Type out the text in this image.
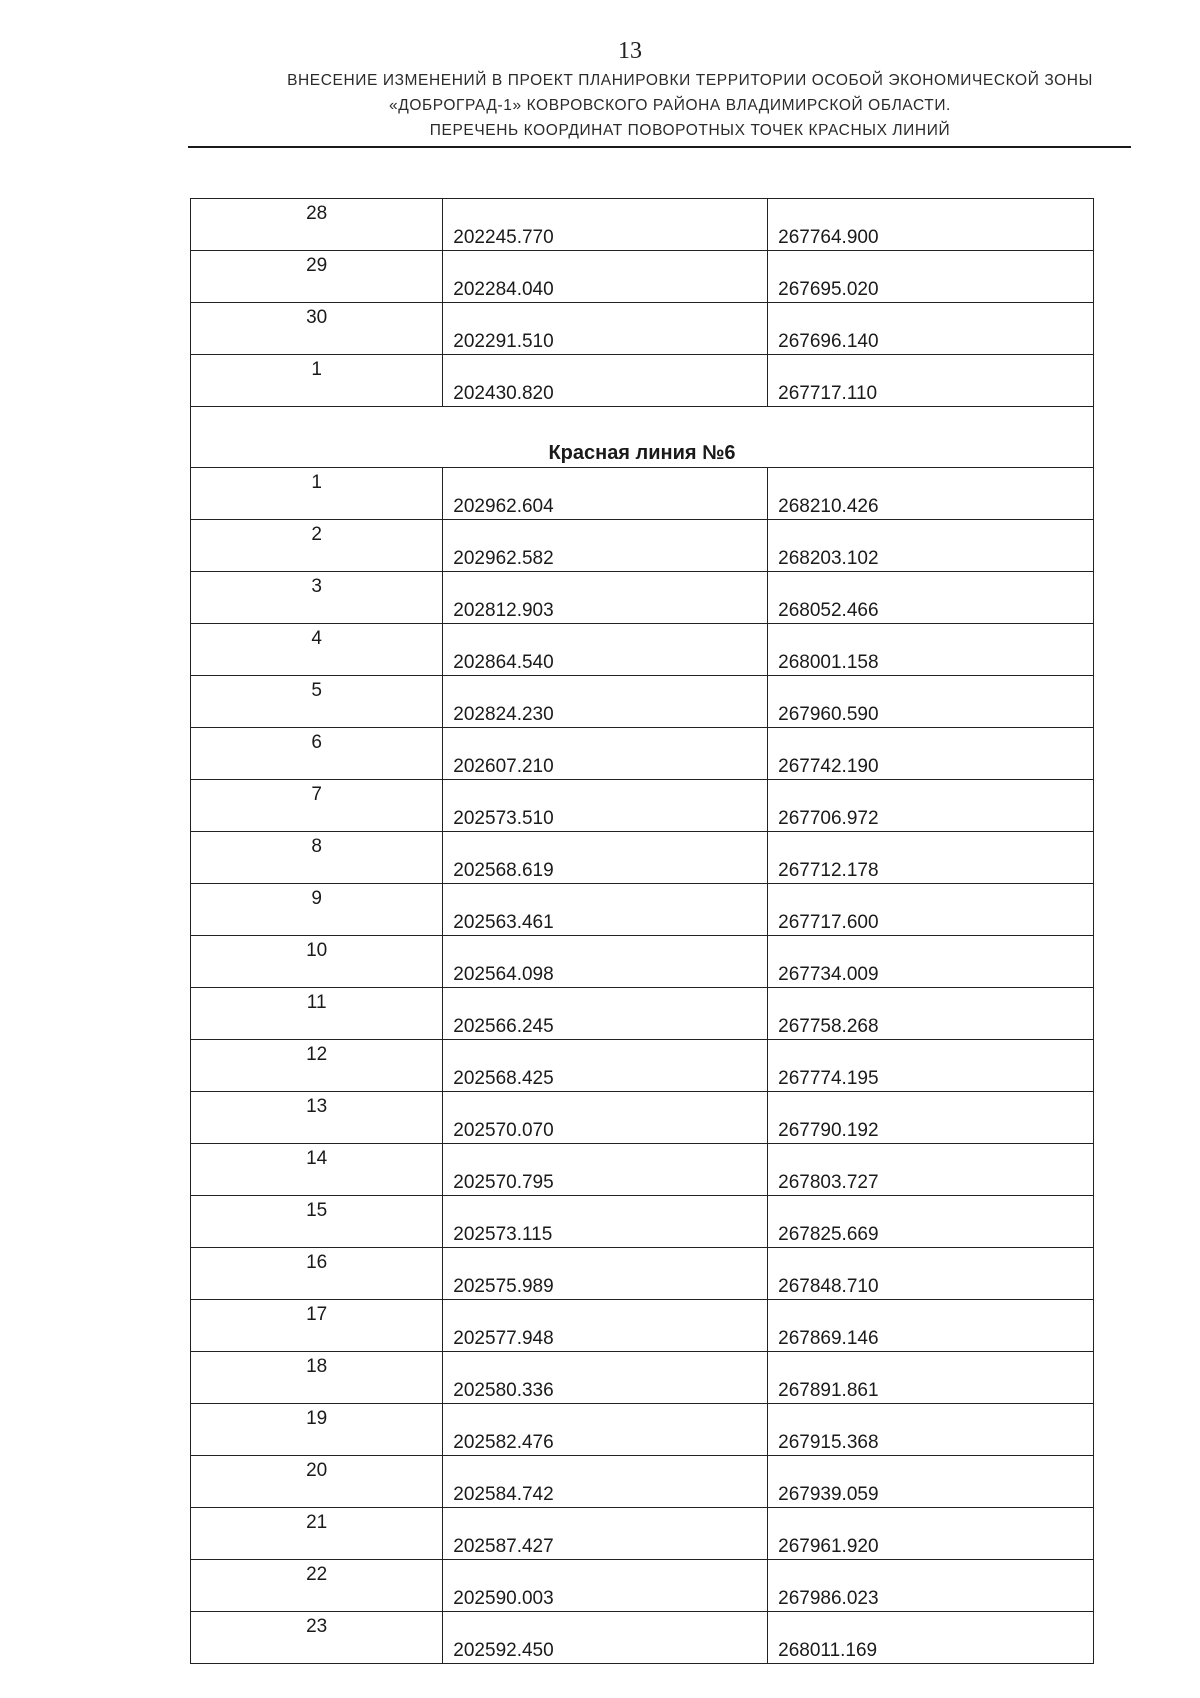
13
ВНЕСЕНИЕ ИЗМЕНЕНИЙ В ПРОЕКТ ПЛАНИРОВКИ ТЕРРИТОРИИ ОСОБОЙ ЭКОНОМИЧЕСКОЙ ЗОНЫ
«ДОБРОГРАД-1» КОВРОВСКОГО РАЙОНА ВЛАДИМИРСКОЙ ОБЛАСТИ.
ПЕРЕЧЕНЬ КООРДИНАТ ПОВОРОТНЫХ ТОЧЕК КРАСНЫХ ЛИНИЙ
28	202245.770	267764.900
29	202284.040	267695.020
30	202291.510	267696.140
1	202430.820	267717.110
Красная линия №6		
1	202962.604	268210.426
2	202962.582	268203.102
3	202812.903	268052.466
4	202864.540	268001.158
5	202824.230	267960.590
6	202607.210	267742.190
7	202573.510	267706.972
8	202568.619	267712.178
9	202563.461	267717.600
10	202564.098	267734.009
11	202566.245	267758.268
12	202568.425	267774.195
13	202570.070	267790.192
14	202570.795	267803.727
15	202573.115	267825.669
16	202575.989	267848.710
17	202577.948	267869.146
18	202580.336	267891.861
19	202582.476	267915.368
20	202584.742	267939.059
21	202587.427	267961.920
22	202590.003	267986.023
23	202592.450	268011.169
